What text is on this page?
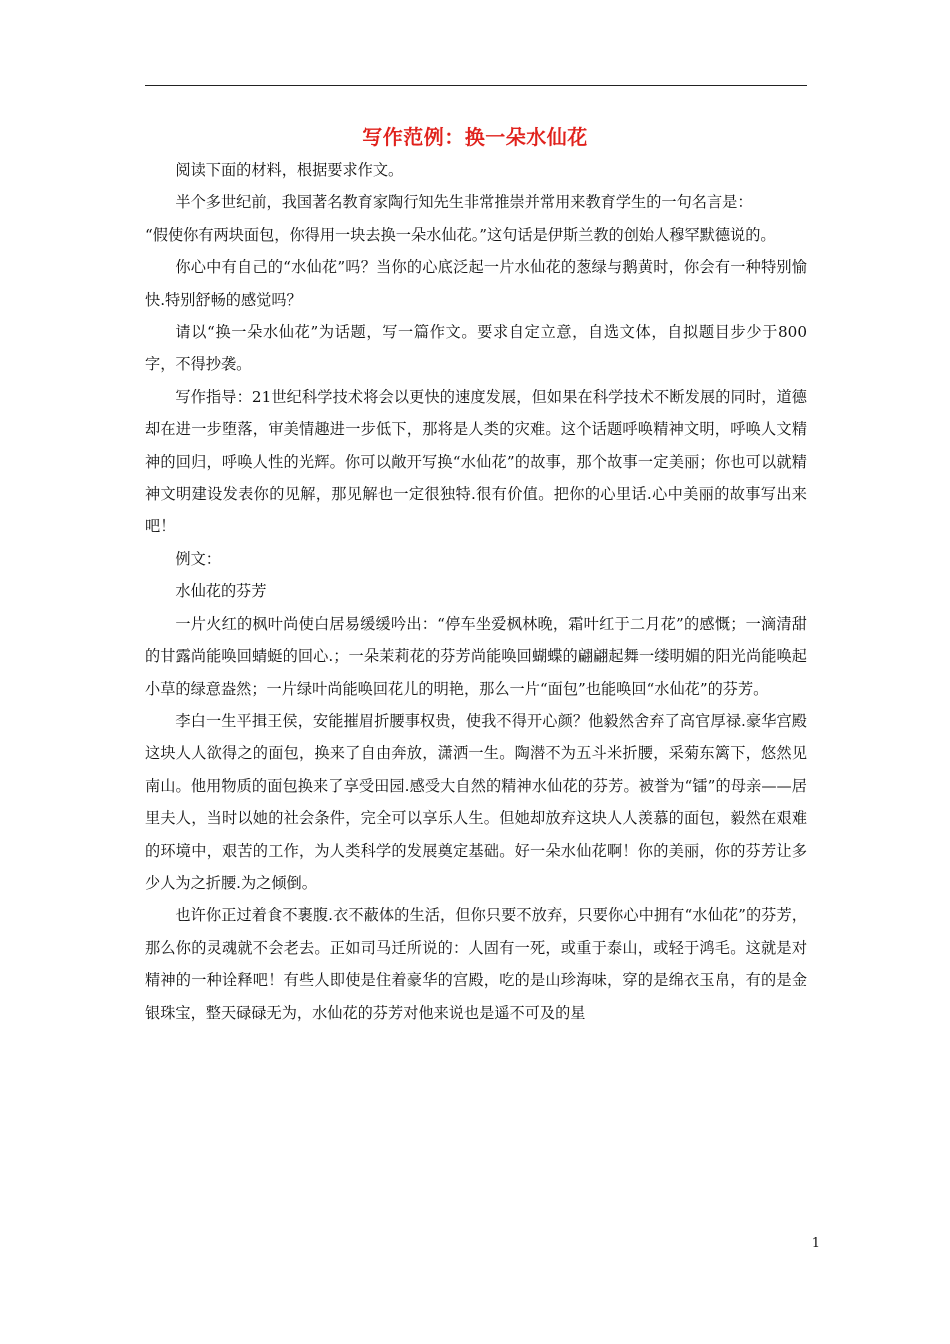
写作范例：换一朵水仙花

阅读下面的材料，根据要求作文。

半个多世纪前，我国著名教育家陶行知先生非常推崇并常用来教育学生的一句名言是：

“假使你有两块面包，你得用一块去换一朵水仙花。”这句话是伊斯兰教的创始人穆罕默德说的。

你心中有自己的“水仙花”吗？当你的心底泛起一片水仙花的葱绿与鹅黄时，你会有一种特别愉快.特别舒畅的感觉吗？

请以“换一朵水仙花”为话题，写一篇作文。要求自定立意，自选文体，自拟题目步少于800字，不得抄袭。

写作指导：21世纪科学技术将会以更快的速度发展，但如果在科学技术不断发展的同时，道德却在进一步堕落，审美情趣进一步低下，那将是人类的灾难。这个话题呼唤精神文明，呼唤人文精神的回归，呼唤人性的光辉。你可以敞开写换“水仙花”的故事，那个故事一定美丽；你也可以就精神文明建设发表你的见解，那见解也一定很独特.很有价值。把你的心里话.心中美丽的故事写出来吧！

例文：

水仙花的芬芳

一片火红的枫叶尚使白居易缓缓吟出：“停车坐爱枫林晚，霜叶红于二月花”的感慨；一滴清甜的甘露尚能唤回蜻蜓的回心.；一朵茉莉花的芬芳尚能唤回蝴蝶的翩翩起舞一缕明媚的阳光尚能唤起小草的绿意盎然；一片绿叶尚能唤回花儿的明艳，那么一片“面包”也能唤回“水仙花”的芬芳。

李白一生平揖王侯，安能摧眉折腰事权贵，使我不得开心颜？他毅然舍弃了高官厚禄.豪华宫殿这块人人欲得之的面包，换来了自由奔放，潇洒一生。陶潜不为五斗米折腰，采菊东篱下，悠然见南山。他用物质的面包换来了享受田园.感受大自然的精神水仙花的芬芳。被誉为“镭”的母亲——居里夫人，当时以她的社会条件，完全可以享乐人生。但她却放弃这块人人羡慕的面包，毅然在艰难的环境中，艰苦的工作，为人类科学的发展奠定基础。好一朵水仙花啊！你的美丽，你的芬芳让多少人为之折腰.为之倾倒。

也许你正过着食不裹腹.衣不蔽体的生活，但你只要不放弃，只要你心中拥有“水仙花”的芬芳，那么你的灵魂就不会老去。正如司马迁所说的：人固有一死，或重于泰山，或轻于鸿毛。这就是对精神的一种诠释吧！有些人即使是住着豪华的宫殿，吃的是山珍海味，穿的是绵衣玉帛，有的是金银珠宝，整天碌碌无为，水仙花的芬芳对他来说也是遥不可及的星

1
